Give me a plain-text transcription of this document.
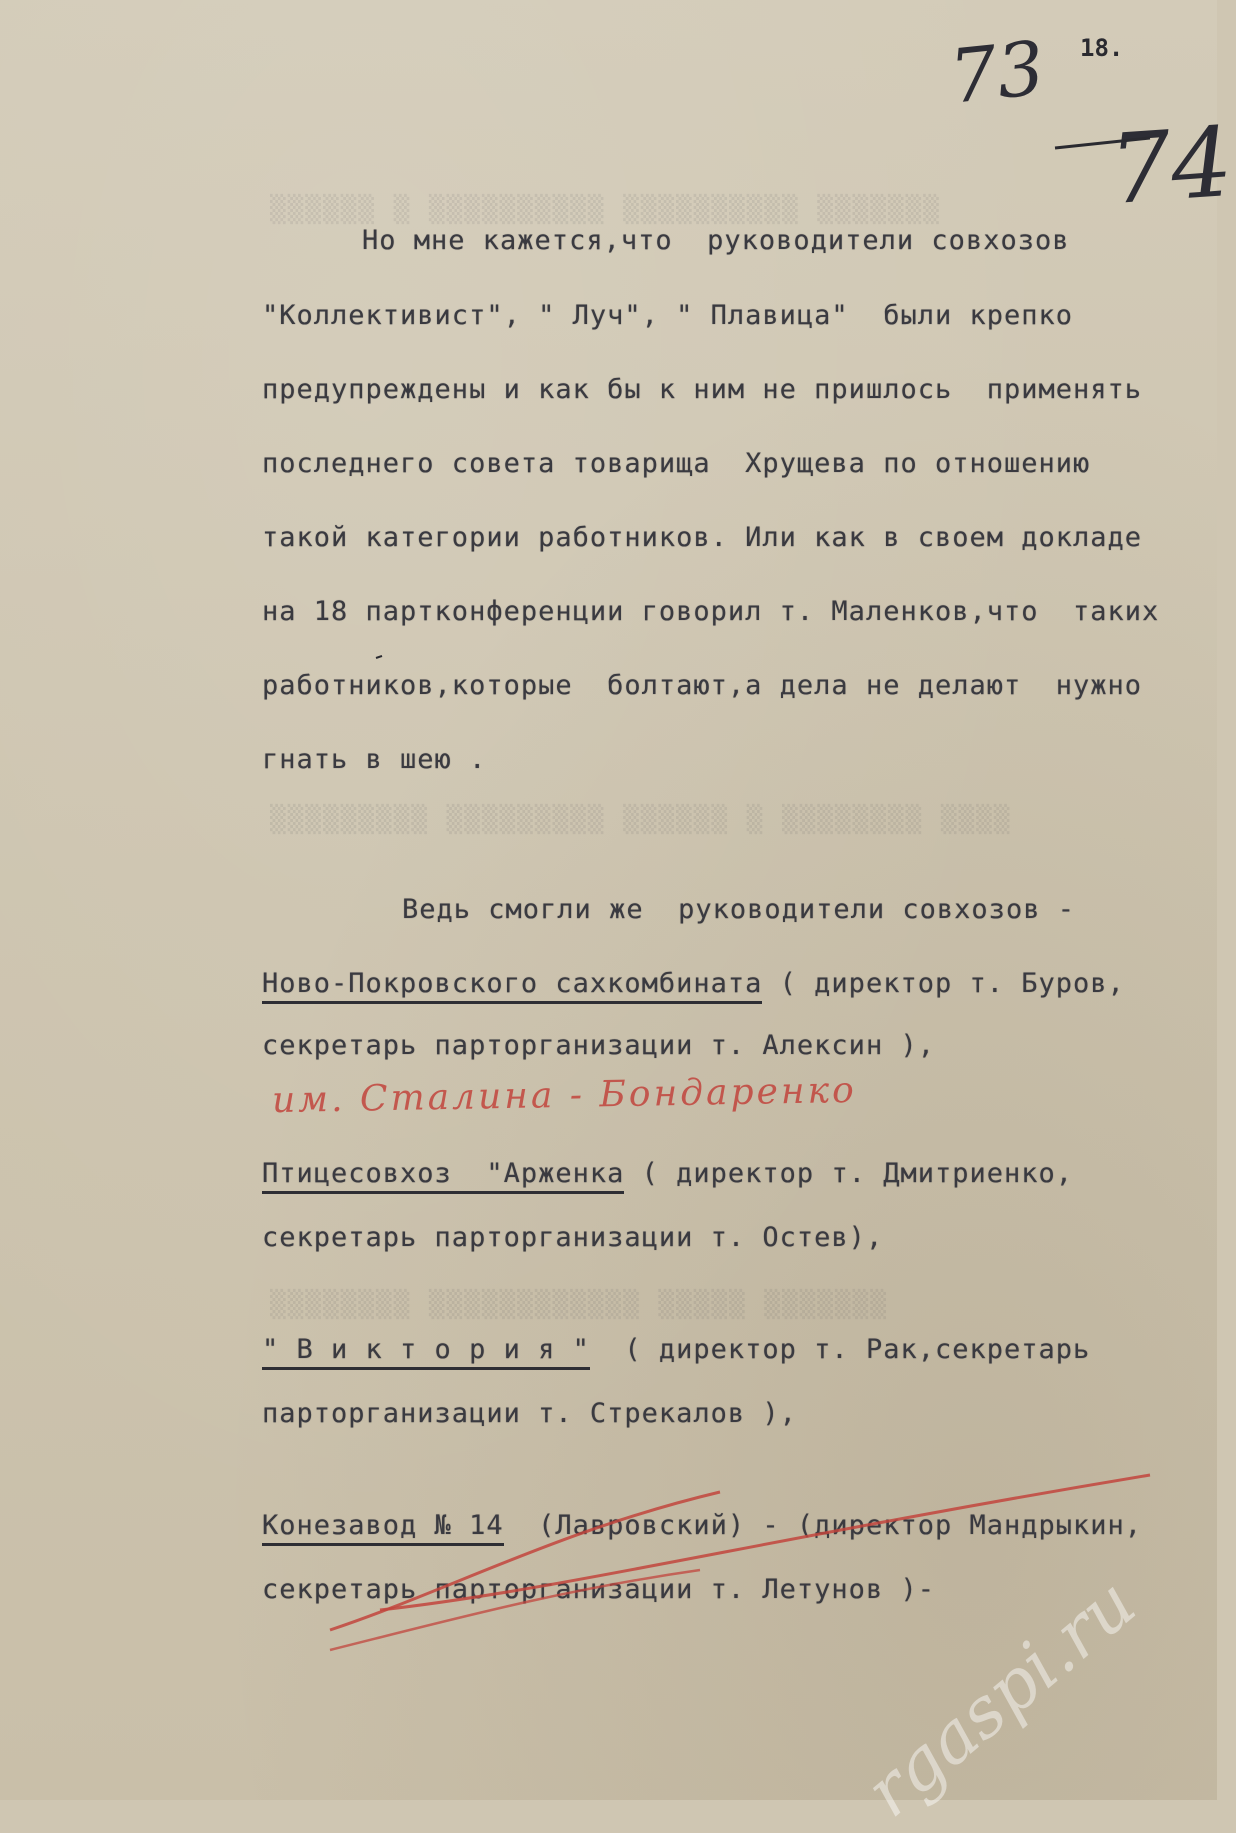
▒▒▒▒▒▒ ▒ ▒▒▒▒▒▒▒▒▒▒ ▒▒▒▒▒▒▒▒▒▒ ▒▒▒▒▒▒▒
▒▒▒▒▒▒▒▒▒ ▒▒▒▒▒▒▒▒▒ ▒▒▒▒▒▒ ▒ ▒▒▒▒▒▒▒▒ ▒▒▒▒
▒▒▒▒▒▒▒▒ ▒▒▒▒▒▒▒▒▒▒▒▒ ▒▒▒▒▒ ▒▒▒▒▒▒▒
73 18.
74
Но мне кажется,что  руководители совхозов
"Коллективист", " Луч", " Плавица"  были крепко
предупреждены и как бы к ним не пришлось  применять
последнего совета товарища  Хрущева по отношению
такой категории работников. Или как в своем докладе
на 18 партконференции говорил т. Маленков,что  таких
работников,которые  болтают,а дела не делают  нужно
гнать в шею .
Ведь смогли же  руководители совхозов -
Ново-Покровского сахкомбината ( директор т. Буров,
секретарь парторганизации т. Алексин ),
им. Сталина - Бондаренко
Птицесовхоз  "Арженка ( директор т. Дмитриенко,
секретарь парторганизации т. Остев),
" В и к т о р и я "  ( директор т. Рак,секретарь
парторганизации т. Стрекалов ),
Конезавод № 14  (Лавровский) - (директор Мандрыкин,
секретарь парторганизации т. Летунов )-
rgaspi.ru
